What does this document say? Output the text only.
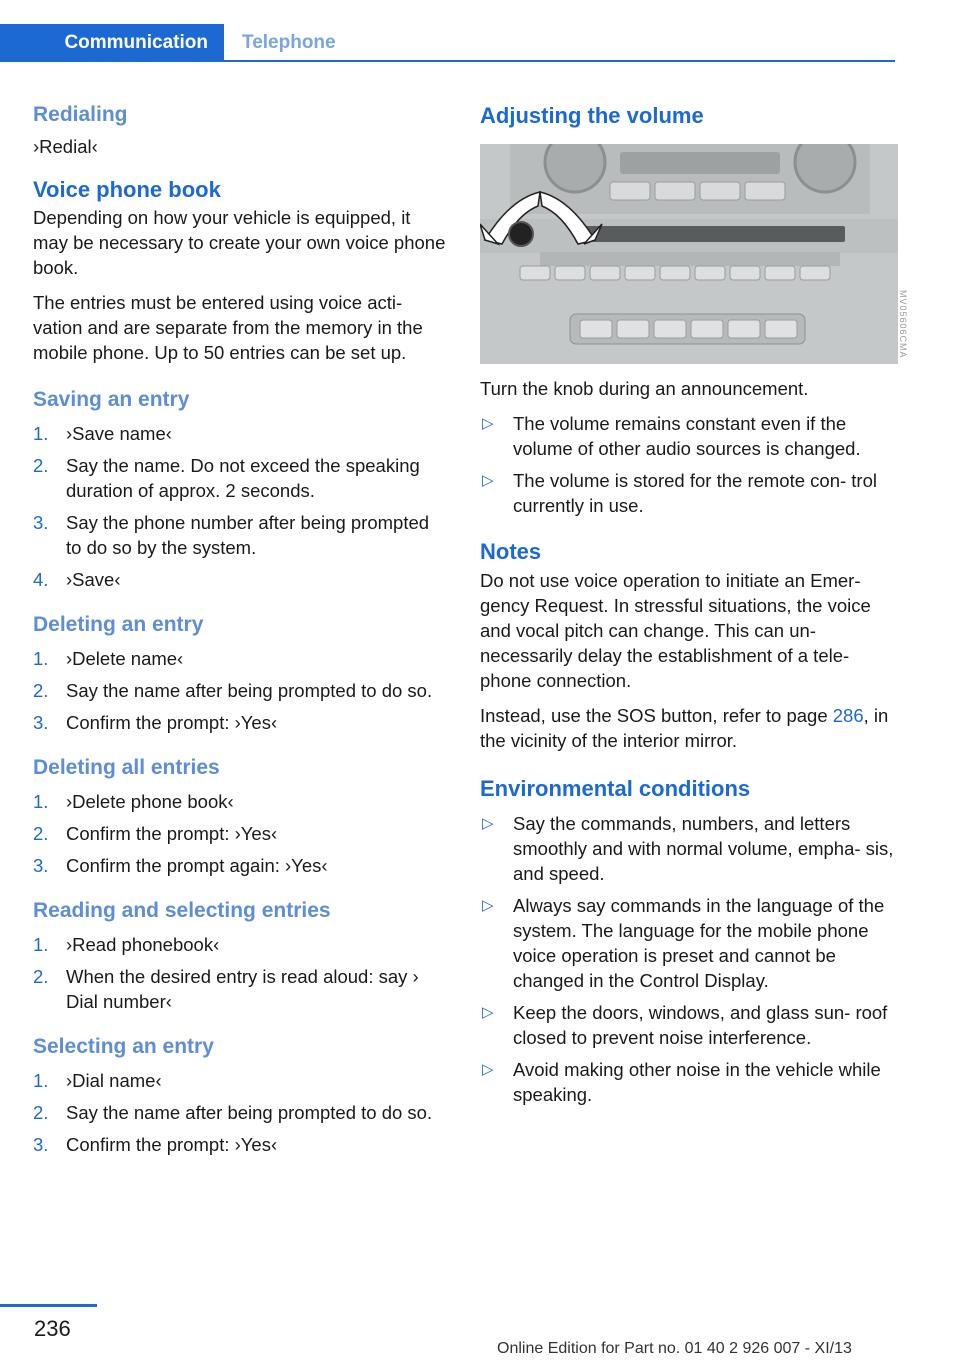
Communication Telephone
Redialing

›Redial‹

Voice phone book

Depending on how your vehicle is equipped, it may be necessary to create your own voice phone book.

The entries must be entered using voice acti‐ vation and are separate from the memory in the mobile phone. Up to 50 entries can be set up.

Saving an entry
1. ›Save name‹
2. Say the name. Do not exceed the speaking duration of approx. 2 seconds.
3. Say the phone number after being prompted to do so by the system.
4. ›Save‹
Deleting an entry
1. ›Delete name‹
2. Say the name after being prompted to do so.
3. Confirm the prompt: ›Yes‹
Deleting all entries
1. ›Delete phone book‹
2. Confirm the prompt: ›Yes‹
3. Confirm the prompt again: ›Yes‹
Reading and selecting entries
1. ›Read phonebook‹
2. When the desired entry is read aloud: say › Dial number‹
Selecting an entry
1. ›Dial name‹
2. Say the name after being prompted to do so.
3. Confirm the prompt: ›Yes‹
Adjusting the volume

Turn the knob during an announcement.

▷ The volume remains constant even if the volume of other audio sources is changed.
▷ The volume is stored for the remote con‐ trol currently in use.
Notes

Do not use voice operation to initiate an Emer‐ gency Request. In stressful situations, the voice and vocal pitch can change. This can un‐ necessarily delay the establishment of a tele‐ phone connection.

Instead, use the SOS button, refer to page 286, in the vicinity of the interior mirror.

Environmental conditions
▷ Say the commands, numbers, and letters smoothly and with normal volume, empha‐ sis, and speed.
▷ Always say commands in the language of the system. The language for the mobile phone voice operation is preset and cannot be changed in the Control Display.
▷ Keep the doors, windows, and glass sun‐ roof closed to prevent noise interference.
▷ Avoid making other noise in the vehicle while speaking.
MV05606CMA
236
Online Edition for Part no. 01 40 2 926 007 - XI/13
